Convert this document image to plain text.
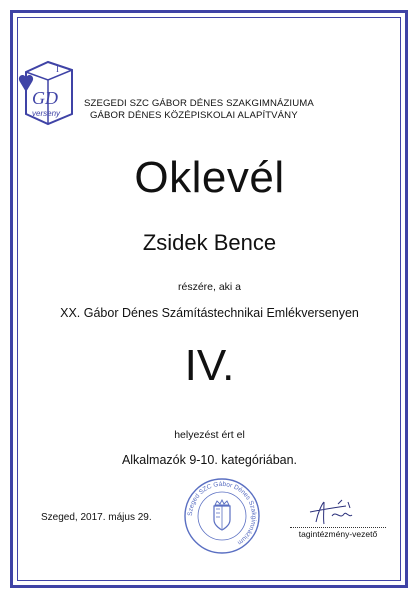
I
GD
verseny
SZEGEDI SZC GÁBOR DÉNES SZAKGIMNÁZIUMA
GÁBOR DÉNES KÖZÉPISKOLAI ALAPÍTVÁNY
Oklevél
Zsidek Bence
részére, aki a
XX. Gábor Dénes Számítástechnikai Emlékversenyen
IV.
helyezést ért el
Alkalmazók 9-10. kategóriában.
Szeged, 2017. május 29.	Szeged SZC Gábor Dénes Szakgimnázium
tagintézmény-vezető
